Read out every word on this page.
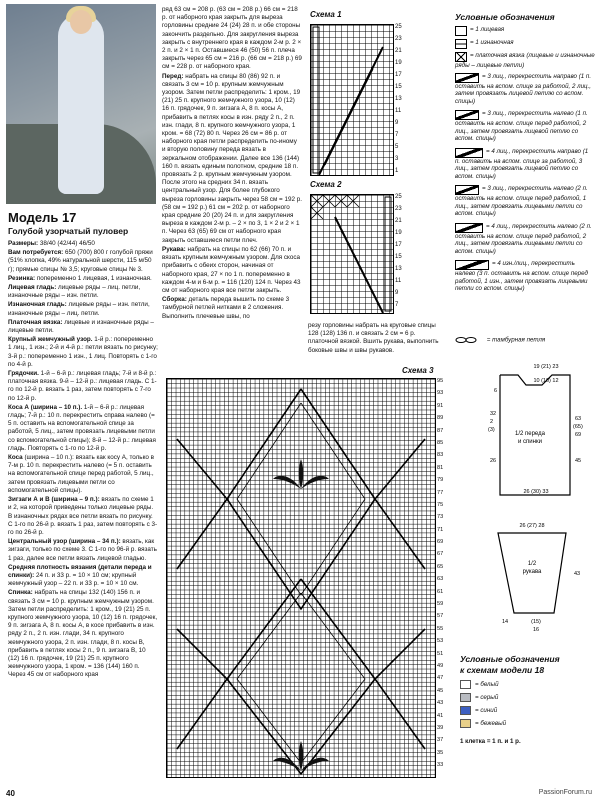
Модель 17
Голубой узорчатый пуловер

Размеры: 38/40 (42/44) 46/50

Вам потребуется: 650 (700) 800 г голубой пряжи (51% хлопка, 49% натуральной шерсти, 115 м/50 г); прямые спицы № 3,5; круговые спицы № 3.

Резинка: попеременно 1 лицевая, 1 изнаночная.

Лицевая гладь: лицевые ряды – лиц. петли, изнаночные ряды – изн. петли.

Изнаночная гладь: лицевые ряды – изн. петли, изнаночные ряды – лиц. петли.

Платочная вязка: лицевые и изнаночные ряды – лицевые петли.

Крупный жемчужный узор. 1-й р.: попеременно 1 лиц., 1 изн.; 2-й и 4-й р.: петли вязать по рисунку; 3-й р.: попеременно 1 изн., 1 лиц. Повторять с 1-го по 4-й р.

Грядочки. 1-й – 6-й р.: лицевая гладь; 7-й и 8-й р.: платочная вязка. 9-й – 12-й р.: лицевая гладь. С 1-го по 12-й р. вязать 1 раз, затем повторять с 7-го по 12-й р.

Коса А (ширина – 10 п.). 1-й – 6-й р.: лицевая гладь; 7-й р.: 10 п. перекрестить справа налево (= 5 п. оставить на вспомогательной спице за работой, 5 лиц., затем провязать лицевыми петли со вспомогательной спицы); 8-й – 12-й р.: лицевая гладь. Повторять с 1-го по 12-й р.

Коса (ширина – 10 п.): вязать как косу А, только в 7-м р. 10 п. перекрестить налево (= 5 п. оставить на вспомогательной спице перед работой, 5 лиц., затем провязать лицевыми петли со вспомогательной спицы).

Зигзаги А и В (ширина – 9 п.): вязать по схеме 1 и 2, на которой приведены только лицевые ряды. В изнаночных рядах все петли вязать по рисунку. С 1-го по 26-й р. вязать 1 раз, затем повторять с 3-го по 26-й р.

Центральный узор (ширина – 34 п.): вязать, как зигзаги, только по схеме 3. С 1-го по 96-й р. вязать 1 раз, далее все петли вязать лицевой гладью.

Средняя плотность вязания (детали переда и спинки): 24 п. и 33 р. = 10 × 10 см; крупный жемчужный узор – 22 п. и 33 р. = 10 × 10 см.

Спинка: набрать на спицы 132 (140) 156 п. и связать 3 см = 10 р. крупным жемчужным узором. Затем петли распределить: 1 кром., 19 (21) 25 п. крупного жемчужного узора, 10 (12) 16 п. грядочек, 9 п. зигзага А, 8 п. косы А, в косе прибавить в изн. ряду 2 п., 2 п. изн. глади, 34 п. крупного жемчужного узора, 2 п. изн. глади, 8 п. косы B, прибавить в петлях косы 2 п., 9 п. зигзага B, 10 (12) 16 п. грядочек, 19 (21) 25 п. крупного жемчужного узора, 1 кром. = 136 (144) 160 п. Через 45 см от наборного края

ряд 63 см = 208 р. (63 см = 208 р.) 66 см = 218 р. от наборного края закрыть для выреза горловины средние 24 (24) 28 п. и обе стороны закончить раздельно. Для закругления выреза закрыть с внутреннего края в каждом 2-м р. 2 × 2 п. и 2 × 1 п. Оставшиеся 46 (50) 56 п. плеча закрыть через 65 см = 216 р. (66 см = 218 р.) 69 см = 228 р. от наборного края.

Перед: набрать на спицы 80 (86) 92 п. и связать 3 см = 10 р. крупным жемчужным узором. Затем петли распределить: 1 кром., 19 (21) 25 п. крупного жемчужного узора, 10 (12) 16 п. грядочек, 9 п. зигзага А, 8 п. косы А, прибавить в петлях косы в изн. ряду 2 п., 2 п. изн. глади, 8 п. крупного жемчужного узора, 1 кром. = 68 (72) 80 п. Через 26 см = 86 р. от наборного края петли распределить по-иному и вторую половину переда вязать в зеркальном отображении. Далее все 136 (144) 160 п. вязать единым полотном, средние 18 п. провязать 2 р. крупным жемчужным узором. После этого на средних 34 п. вязать центральный узор. Для более глубокого выреза горловины закрыть через 58 см = 192 р. (58 см = 192 р.) 61 см = 202 р. от наборного края средние 20 (20) 24 п. и для закругления выреза в каждом 2-м р. – 2 × по 3, 1 × 2 и 2 × 1 п. Через 63 (65) 69 см от наборного края закрыть оставшиеся петли плеч.

Рукава: набрать на спицы по 62 (66) 70 п. и вязать крупным жемчужным узором. Для скоса прибавить с обеих сторон, начиная от наборного края, 27 × по 1 п. попеременно в каждом 4-м и 6-м р. = 116 (120) 124 п. Через 43 см от наборного края все петли закрыть.

Сборка: деталь переда вышить по схеме 3 тамбурной петлей нитками в 2 сложения. Выполнить плечевые швы, по

резу горловины набрать на круговые спицы 128 (128) 136 п. и связать 2 см = 6 р. платочной вязкой. Вшить рукава, выполнить боковые швы и швы рукавов.
Схема 1
25
23
21
19
17
15
13
11
9
7
5
3
1
Схема 2
25
23
21
19
17
15
13
11
9
7
Условные обозначения
= 1 лицевая
= 1 изнаночная
= платочная вязка (лицевые и изнаночные ряды – лицевые петли)
= 3 лиц., перекрестить направо (1 п. оставить на вспом. спице за работой, 2 лиц., затем провязать лицевой петлю со вспом. спицы)
= 3 лиц., перекрестить налево (1 п. оставить на вспом. спице перед работой, 2 лиц., затем провязать лицевой петлю со вспом. спицы)
= 4 лиц., перекрестить направо (1 п. оставить на вспом. спице за работой, 3 лиц., затем провязать лицевой петлю со вспом. спицы)
= 3 лиц., перекрестить налево (2 п. оставить на вспом. спице перед работой, 1 лиц., затем провязать лицевыми петли со вспом. спицы)
= 4 лиц., перекрестить налево (2 п. оставить на вспом. спице перед работой, 2 лиц., затем провязать лицевыми петли со вспом. спицы)
= 4 изн./лиц., перекрестить налево (3 п. оставить на вспом. спице перед работой, 1 изн., затем провязать лицевыми петли со вспом. спицы)
= тамбурная петля
Схема 3
95
93
91
89
87
85
83
81
79
77
75
73
71
69
67
65
63
61
59
57
55
53
51
49
47
45
43
41
39
37
35
33
1/2 переда
и спинки
19 (21) 23
10 (10) 12
32
2
(3)
26
63
(65)
69
45
26 (30) 33
6
26 (27) 28
1/2
рукава	43
14	(15)
16
Условные обозначения
к схемам модели 18
= белый
= серый
= синий
= бежевый
1 клетка = 1 п. и 1 р.
PassionForum.ru
40
